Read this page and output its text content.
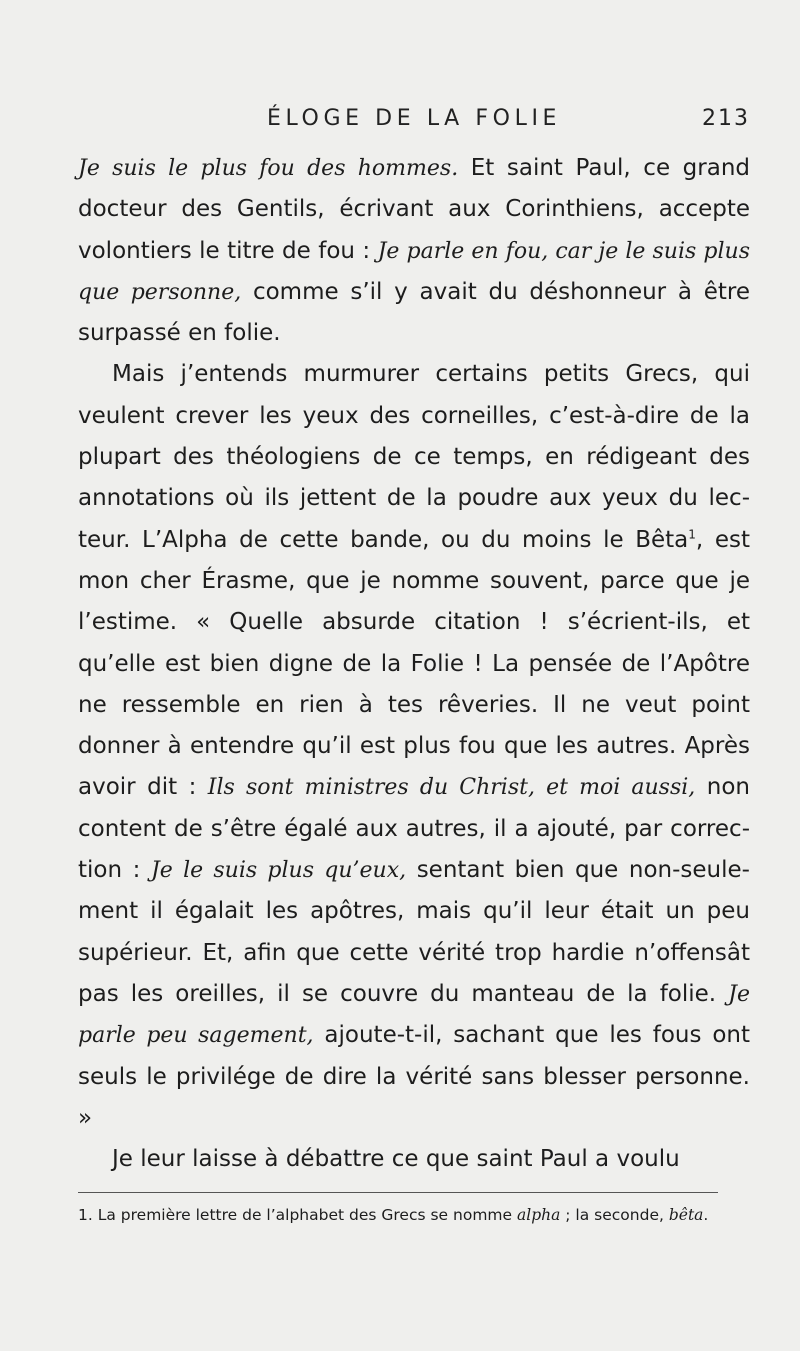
ÉLOGE DE LA FOLIE	213

Je suis le plus fou des hommes. Et saint Paul, ce grand docteur des Gentils, écrivant aux Corinthiens, accepte volontiers le titre de fou : Je parle en fou, car je le suis plus que personne, comme s’il y avait du déshonneur à être surpassé en folie.

Mais j’entends murmurer certains petits Grecs, qui veulent crever les yeux des corneilles, c’est-à-dire de la plupart des théologiens de ce temps, en rédigeant des annotations où ils jettent de la poudre aux yeux du lecteur. L’Alpha de cette bande, ou du moins le Bêta$^1$, est mon cher Érasme, que je nomme souvent, parce que je l’estime. « Quelle absurde citation ! s’écrient-ils, et qu’elle est bien digne de la Folie ! La pensée de l’Apôtre ne ressemble en rien à tes rêveries. Il ne veut point donner à entendre qu’il est plus fou que les autres. Après avoir dit : Ils sont ministres du Christ, et moi aussi, non content de s’être égalé aux autres, il a ajouté, par correction : Je le suis plus qu’eux, sentant bien que non-seulement il égalait les apôtres, mais qu’il leur était un peu supérieur. Et, afin que cette vérité trop hardie n’offensât pas les oreilles, il se couvre du manteau de la folie. Je parle peu sagement, ajoute-t-il, sachant que les fous ont seuls le privilége de dire la vérité sans blesser personne. »

Je leur laisse à débattre ce que saint Paul a voulu

1. La première lettre de l’alphabet des Grecs se nomme alpha ; la seconde, bêta.
